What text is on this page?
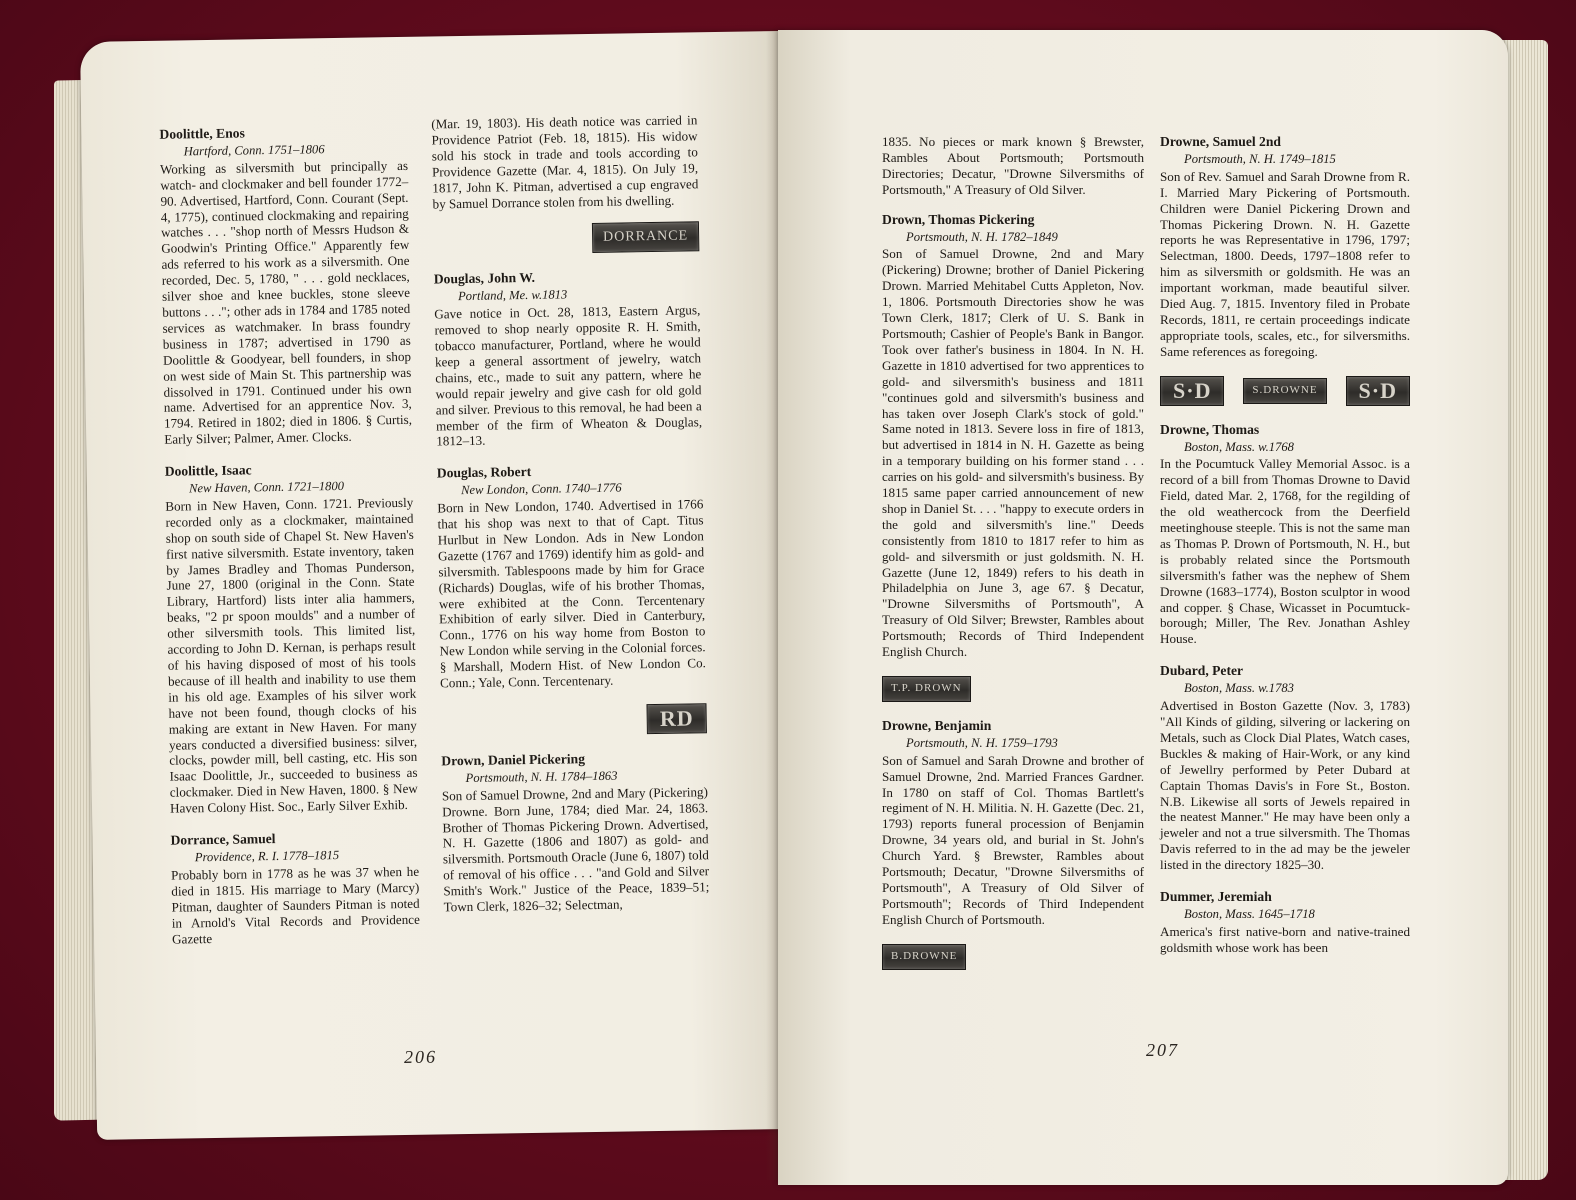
Doolittle, Enos
Hartford, Conn. 1751–1806
Working as silversmith but principally as watch- and clockmaker and bell founder 1772–90. Advertised, Hartford, Conn. Courant (Sept. 4, 1775), continued clockmaking and repairing watches . . . "shop north of Messrs Hudson & Goodwin's Printing Office." Apparently few ads referred to his work as a silversmith. One recorded, Dec. 5, 1780, " . . . gold necklaces, silver shoe and knee buckles, stone sleeve buttons . . ."; other ads in 1784 and 1785 noted services as watchmaker. In brass foundry business in 1787; advertised in 1790 as Doolittle & Goodyear, bell founders, in shop on west side of Main St. This partnership was dissolved in 1791. Continued under his own name. Advertised for an apprentice Nov. 3, 1794. Retired in 1802; died in 1806. § Curtis, Early Silver; Palmer, Amer. Clocks.
Doolittle, Isaac
New Haven, Conn. 1721–1800
Born in New Haven, Conn. 1721. Previously recorded only as a clockmaker, maintained shop on south side of Chapel St. New Haven's first native silversmith. Estate inventory, taken by James Bradley and Thomas Punderson, June 27, 1800 (original in the Conn. State Library, Hartford) lists inter alia hammers, beaks, "2 pr spoon moulds" and a number of other silversmith tools. This limited list, according to John D. Kernan, is perhaps result of his having disposed of most of his tools because of ill health and inability to use them in his old age. Examples of his silver work have not been found, though clocks of his making are extant in New Haven. For many years conducted a diversified business: silver, clocks, powder mill, bell casting, etc. His son Isaac Doolittle, Jr., succeeded to business as clockmaker. Died in New Haven, 1800. § New Haven Colony Hist. Soc., Early Silver Exhib.
Dorrance, Samuel
Providence, R. I. 1778–1815
Probably born in 1778 as he was 37 when he died in 1815. His marriage to Mary (Marcy) Pitman, daughter of Saunders Pitman is noted in Arnold's Vital Records and Providence Gazette
(Mar. 19, 1803). His death notice was carried in Providence Patriot (Feb. 18, 1815). His widow sold his stock in trade and tools according to Providence Gazette (Mar. 4, 1815). On July 19, 1817, John K. Pitman, advertised a cup engraved by Samuel Dorrance stolen from his dwelling.
DORRANCE
Douglas, John W.
Portland, Me. w.1813
Gave notice in Oct. 28, 1813, Eastern Argus, removed to shop nearly opposite R. H. Smith, tobacco manufacturer, Portland, where he would keep a general assortment of jewelry, watch chains, etc., made to suit any pattern, where he would repair jewelry and give cash for old gold and silver. Previous to this removal, he had been a member of the firm of Wheaton & Douglas, 1812–13.
Douglas, Robert
New London, Conn. 1740–1776
Born in New London, 1740. Advertised in 1766 that his shop was next to that of Capt. Titus Hurlbut in New London. Ads in New London Gazette (1767 and 1769) identify him as gold- and silversmith. Tablespoons made by him for Grace (Richards) Douglas, wife of his brother Thomas, were exhibited at the Conn. Tercentenary Exhibition of early silver. Died in Canterbury, Conn., 1776 on his way home from Boston to New London while serving in the Colonial forces. § Marshall, Modern Hist. of New London Co. Conn.; Yale, Conn. Tercentenary.
RD
Drown, Daniel Pickering
Portsmouth, N. H. 1784–1863
Son of Samuel Drowne, 2nd and Mary (Pickering) Drowne. Born June, 1784; died Mar. 24, 1863. Brother of Thomas Pickering Drown. Advertised, N. H. Gazette (1806 and 1807) as gold- and silversmith. Portsmouth Oracle (June 6, 1807) told of removal of his office . . . "and Gold and Silver Smith's Work." Justice of the Peace, 1839–51; Town Clerk, 1826–32; Selectman,
206
1835. No pieces or mark known § Brewster, Rambles About Portsmouth; Portsmouth Directories; Decatur, "Drowne Silversmiths of Portsmouth," A Treasury of Old Silver.
Drown, Thomas Pickering
Portsmouth, N. H. 1782–1849
Son of Samuel Drowne, 2nd and Mary (Pickering) Drowne; brother of Daniel Pickering Drown. Married Mehitabel Cutts Appleton, Nov. 1, 1806. Portsmouth Directories show he was Town Clerk, 1817; Clerk of U. S. Bank in Portsmouth; Cashier of People's Bank in Bangor. Took over father's business in 1804. In N. H. Gazette in 1810 advertised for two apprentices to gold- and silversmith's business and 1811 "continues gold and silversmith's business and has taken over Joseph Clark's stock of gold." Same noted in 1813. Severe loss in fire of 1813, but advertised in 1814 in N. H. Gazette as being in a temporary building on his former stand . . . carries on his gold- and silversmith's business. By 1815 same paper carried announcement of new shop in Daniel St. . . . "happy to execute orders in the gold and silversmith's line." Deeds consistently from 1810 to 1817 refer to him as gold- and silversmith or just goldsmith. N. H. Gazette (June 12, 1849) refers to his death in Philadelphia on June 3, age 67. § Decatur, "Drowne Silversmiths of Portsmouth", A Treasury of Old Silver; Brewster, Rambles about Portsmouth; Records of Third Independent English Church.
T.P. DROWN
Drowne, Benjamin
Portsmouth, N. H. 1759–1793
Son of Samuel and Sarah Drowne and brother of Samuel Drowne, 2nd. Married Frances Gardner. In 1780 on staff of Col. Thomas Bartlett's regiment of N. H. Militia. N. H. Gazette (Dec. 21, 1793) reports funeral procession of Benjamin Drowne, 34 years old, and burial in St. John's Church Yard. § Brewster, Rambles about Portsmouth; Decatur, "Drowne Silversmiths of Portsmouth", A Treasury of Old Silver of Portsmouth"; Records of Third Independent English Church of Portsmouth.
B.DROWNE
Drowne, Samuel 2nd
Portsmouth, N. H. 1749–1815
Son of Rev. Samuel and Sarah Drowne from R. I. Married Mary Pickering of Portsmouth. Children were Daniel Pickering Drown and Thomas Pickering Drown. N. H. Gazette reports he was Representative in 1796, 1797; Selectman, 1800. Deeds, 1797–1808 refer to him as silversmith or goldsmith. He was an important workman, made beautiful silver. Died Aug. 7, 1815. Inventory filed in Probate Records, 1811, re certain proceedings indicate appropriate tools, scales, etc., for silversmiths. Same references as foregoing.
S·D	S.DROWNE	S·D
Drowne, Thomas
Boston, Mass. w.1768
In the Pocumtuck Valley Memorial Assoc. is a record of a bill from Thomas Drowne to David Field, dated Mar. 2, 1768, for the regilding of the old weathercock from the Deerfield meetinghouse steeple. This is not the same man as Thomas P. Drown of Portsmouth, N. H., but is probably related since the Portsmouth silversmith's father was the nephew of Shem Drowne (1683–1774), Boston sculptor in wood and copper. § Chase, Wicasset in Pocumtuck-borough; Miller, The Rev. Jonathan Ashley House.
Dubard, Peter
Boston, Mass. w.1783
Advertised in Boston Gazette (Nov. 3, 1783) "All Kinds of gilding, silvering or lackering on Metals, such as Clock Dial Plates, Watch cases, Buckles & making of Hair-Work, or any kind of Jewellry performed by Peter Dubard at Captain Thomas Davis's in Fore St., Boston. N.B. Likewise all sorts of Jewels repaired in the neatest Manner." He may have been only a jeweler and not a true silversmith. The Thomas Davis referred to in the ad may be the jeweler listed in the directory 1825–30.
Dummer, Jeremiah
Boston, Mass. 1645–1718
America's first native-born and native-trained goldsmith whose work has been
207
